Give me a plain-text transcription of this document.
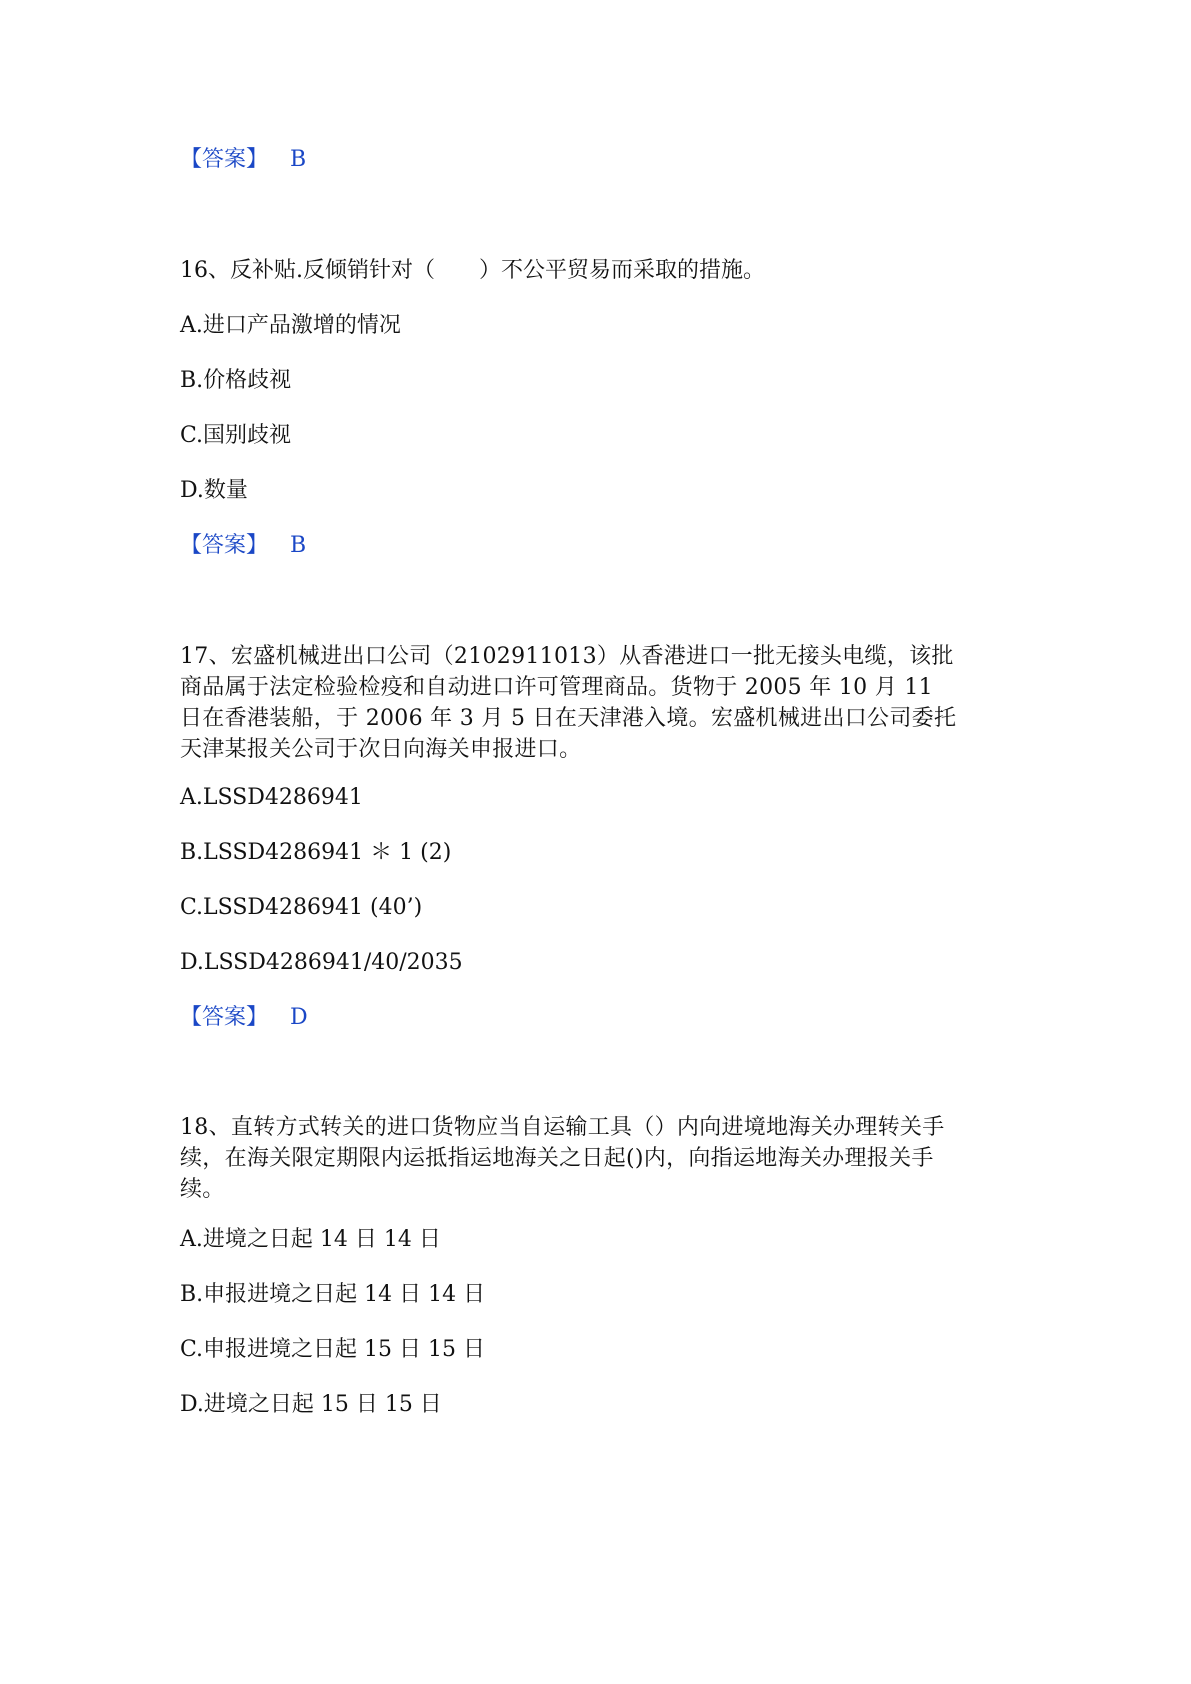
【答案】 B
16、反补贴.反倾销针对（　　）不公平贸易而采取的措施。
A.进口产品激增的情况
B.价格歧视
C.国别歧视
D.数量
【答案】 B
17、宏盛机械进出口公司（2102911013）从香港进口一批无接头电缆，该批商品属于法定检验检疫和自动进口许可管理商品。货物于 2005 年 10 月 11 日在香港装船，于 2006 年 3 月 5 日在天津港入境。宏盛机械进出口公司委托天津某报关公司于次日向海关申报进口。
A.LSSD4286941
B.LSSD4286941 ＊ 1 (2)
C.LSSD4286941 (40’)
D.LSSD4286941/40/2035
【答案】 D
18、直转方式转关的进口货物应当自运输工具（）内向进境地海关办理转关手续，在海关限定期限内运抵指运地海关之日起()内，向指运地海关办理报关手续。
A.进境之日起 14 日 14 日
B.申报进境之日起 14 日 14 日
C.申报进境之日起 15 日 15 日
D.进境之日起 15 日 15 日
